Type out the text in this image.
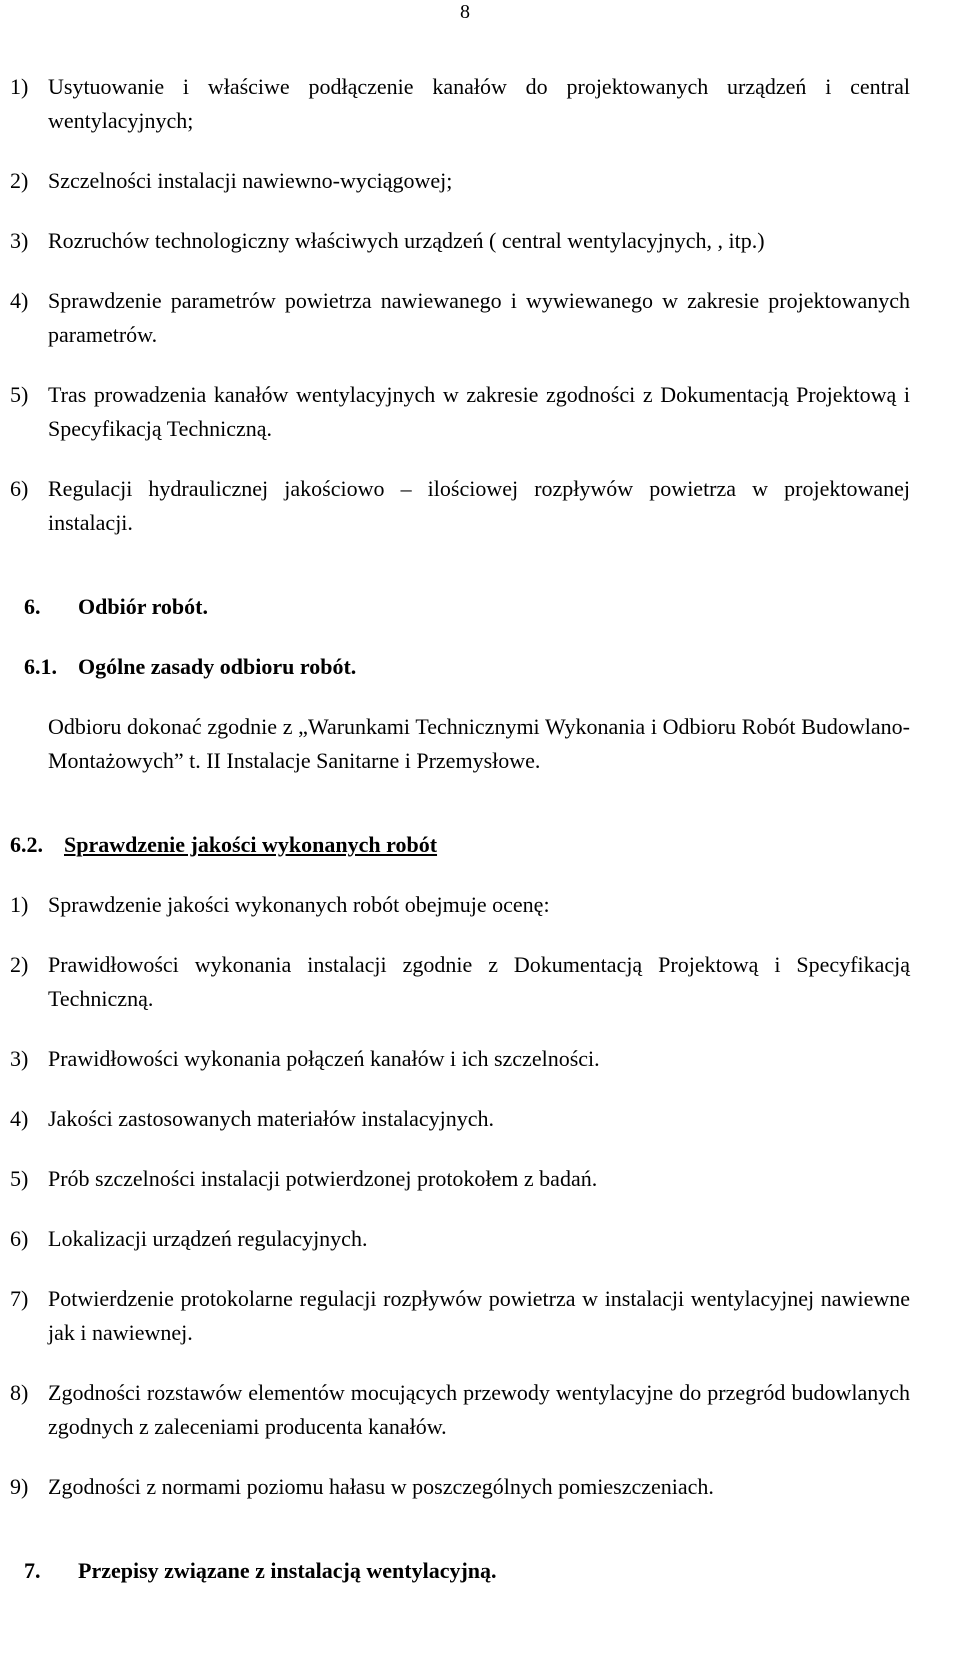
8
1) Usytuowanie i właściwe podłączenie kanałów do projektowanych urządzeń i central wentylacyjnych;
2) Szczelności instalacji nawiewno-wyciągowej;
3) Rozruchów technologiczny właściwych urządzeń ( central wentylacyjnych, , itp.)
4) Sprawdzenie parametrów powietrza nawiewanego i wywiewanego w zakresie projektowanych parametrów.
5) Tras prowadzenia kanałów wentylacyjnych w zakresie zgodności z Dokumentacją Projektową i Specyfikacją Techniczną.
6) Regulacji hydraulicznej jakościowo – ilościowej rozpływów powietrza w projektowanej instalacji.
6.	Odbiór robót.
6.1. Ogólne zasady odbioru robót.
Odbioru dokonać zgodnie z „Warunkami Technicznymi Wykonania i Odbioru Robót Budowlano-Montażowych” t. II Instalacje Sanitarne i Przemysłowe.
6.2. Sprawdzenie jakości wykonanych robót
1) Sprawdzenie jakości wykonanych robót obejmuje ocenę:
2) Prawidłowości wykonania instalacji zgodnie z Dokumentacją Projektową i Specyfikacją Techniczną.
3) Prawidłowości wykonania połączeń kanałów i ich szczelności.
4) Jakości zastosowanych materiałów instalacyjnych.
5) Prób szczelności instalacji potwierdzonej protokołem z badań.
6) Lokalizacji urządzeń regulacyjnych.
7) Potwierdzenie protokolarne regulacji rozpływów powietrza w instalacji wentylacyjnej nawiewne jak i nawiewnej.
8) Zgodności rozstawów elementów mocujących przewody wentylacyjne do przegród budowlanych zgodnych z zaleceniami producenta kanałów.
9) Zgodności z normami poziomu hałasu w poszczególnych pomieszczeniach.
7.	Przepisy związane z instalacją wentylacyjną.
